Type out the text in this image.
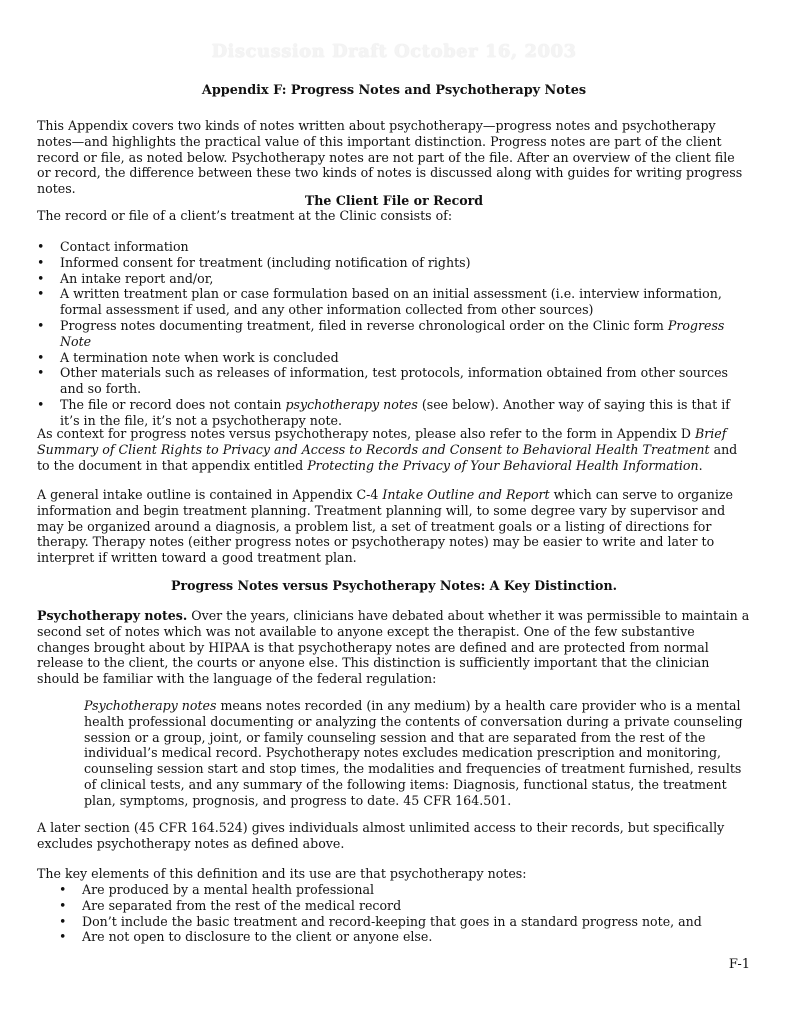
Discussion Draft October 16, 2003
Appendix F: Progress Notes and Psychotherapy Notes

This Appendix covers two kinds of notes written about psychotherapy—progress notes and psychotherapy notes—and highlights the practical value of this important distinction. Progress notes are part of the client record or file, as noted below. Psychotherapy notes are not part of the file. After an overview of the client file or record, the difference between these two kinds of notes is discussed along with guides for writing progress notes.

The Client File or Record

The record or file of a client’s treatment at the Clinic consists of:

• Contact information
• Informed consent for treatment (including notification of rights)
• An intake report and/or,
• A written treatment plan or case formulation based on an initial assessment (i.e. interview information, formal assessment if used, and any other information collected from other sources)
• Progress notes documenting treatment, filed in reverse chronological order on the Clinic form Progress Note
• A termination note when work is concluded
• Other materials such as releases of information, test protocols, information obtained from other sources and so forth.
• The file or record does not contain psychotherapy notes (see below). Another way of saying this is that if it’s in the file, it’s not a psychotherapy note.

As context for progress notes versus psychotherapy notes, please also refer to the form in Appendix D Brief Summary of Client Rights to Privacy and Access to Records and Consent to Behavioral Health Treatment and to the document in that appendix entitled Protecting the Privacy of Your Behavioral Health Information.

A general intake outline is contained in Appendix C-4 Intake Outline and Report which can serve to organize information and begin treatment planning. Treatment planning will, to some degree vary by supervisor and may be organized around a diagnosis, a problem list, a set of treatment goals or a listing of directions for therapy. Therapy notes (either progress notes or psychotherapy notes) may be easier to write and later to interpret if written toward a good treatment plan.

Progress Notes versus Psychotherapy Notes: A Key Distinction.

Psychotherapy notes. Over the years, clinicians have debated about whether it was permissible to maintain a second set of notes which was not available to anyone except the therapist. One of the few substantive changes brought about by HIPAA is that psychotherapy notes are defined and are protected from normal release to the client, the courts or anyone else. This distinction is sufficiently important that the clinician should be familiar with the language of the federal regulation:

Psychotherapy notes means notes recorded (in any medium) by a health care provider who is a mental health professional documenting or analyzing the contents of conversation during a private counseling session or a group, joint, or family counseling session and that are separated from the rest of the individual’s medical record. Psychotherapy notes excludes medication prescription and monitoring, counseling session start and stop times, the modalities and frequencies of treatment furnished, results of clinical tests, and any summary of the following items: Diagnosis, functional status, the treatment plan, symptoms, prognosis, and progress to date. 45 CFR 164.501.

A later section (45 CFR 164.524) gives individuals almost unlimited access to their records, but specifically excludes psychotherapy notes as defined above.

The key elements of this definition and its use are that psychotherapy notes:

• Are produced by a mental health professional
• Are separated from the rest of the medical record
• Don’t include the basic treatment and record-keeping that goes in a standard progress note, and
• Are not open to disclosure to the client or anyone else.
F-1
